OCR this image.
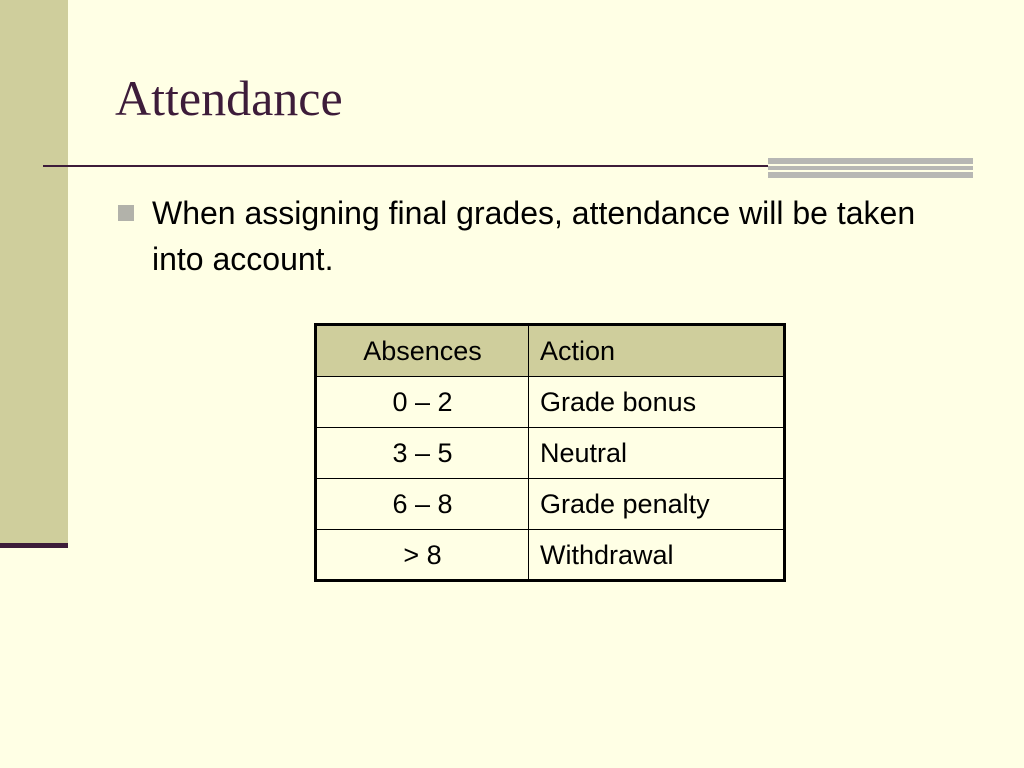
Attendance

When assigning final grades, attendance will be taken into account.

Absences	Action
0 – 2	Grade bonus
3 – 5	Neutral
6 – 8	Grade penalty
> 8	Withdrawal
